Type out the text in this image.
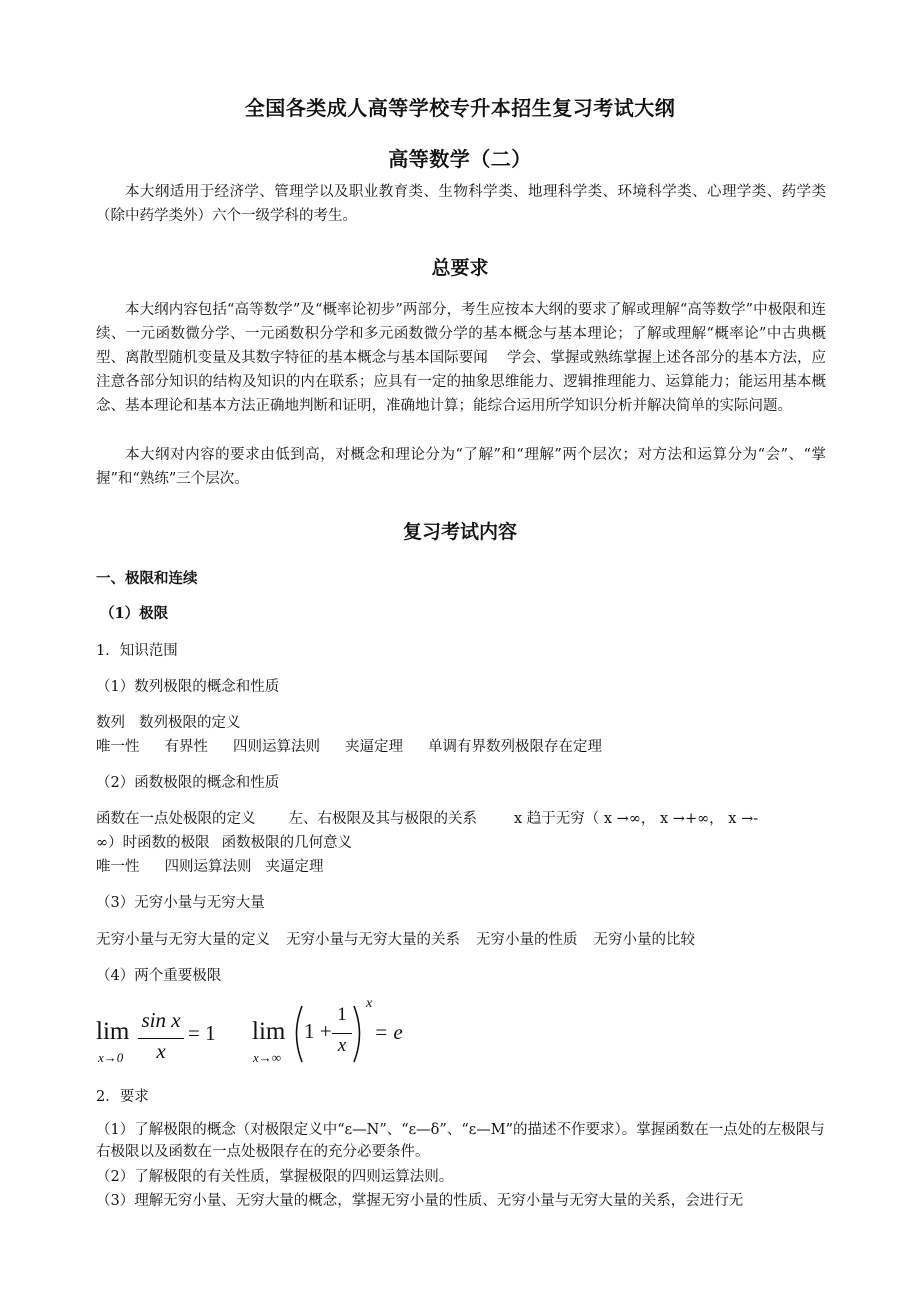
全国各类成人高等学校专升本招生复习考试大纲
高等数学（二）
本大纲适用于经济学、管理学以及职业教育类、生物科学类、地理科学类、环境科学类、心理学类、药学类（除中药学类外）六个一级学科的考生。
总要求
本大纲内容包括“高等数学”及“概率论初步”两部分，考生应按本大纲的要求了解或理解“高等数学”中极限和连续、一元函数微分学、一元函数积分学和多元函数微分学的基本概念与基本理论；了解或理解“概率论”中古典概型、离散型随机变量及其数字特征的基本概念与基本国际要闻　 学会、掌握或熟练掌握上述各部分的基本方法，应注意各部分知识的结构及知识的内在联系；应具有一定的抽象思维能力、逻辑推理能力、运算能力；能运用基本概念、基本理论和基本方法正确地判断和证明，准确地计算；能综合运用所学知识分析并解决简单的实际问题。
本大纲对内容的要求由低到高，对概念和理论分为“了解”和“理解”两个层次；对方法和运算分为“会”、“掌握”和“熟练”三个层次。
复习考试内容
一、极限和连续
（1）极限
1．知识范围
（1）数列极限的概念和性质
数列 数列极限的定义
唯一性 有界性 四则运算法则 夹逼定理 单调有界数列极限存在定理
（2）函数极限的概念和性质
函数在一点处极限的定义 左、右极限及其与极限的关系	x 趋于无穷（ x →∞， x →+∞， x →-
∞）时函数的极限 函数极限的几何意义
唯一性 四则运算法则 夹逼定理
（3）无穷小量与无穷大量
无穷小量与无穷大量的定义 无穷小量与无穷大量的关系 无穷小量的性质 无穷小量的比较
（4）两个重要极限
lim
x→0
sin x
x
= 1 lim
x→∞
1 +
1
x
x
= e
2．要求
（1）了解极限的概念（对极限定义中“ε—N”、“ε—δ”、“ε—M”的描述不作要求）。掌握函数在一点处的左极限与右极限以及函数在一点处极限存在的充分必要条件。
（2）了解极限的有关性质，掌握极限的四则运算法则。
（3）理解无穷小量、无穷大量的概念，掌握无穷小量的性质、无穷小量与无穷大量的关系，会进行无
